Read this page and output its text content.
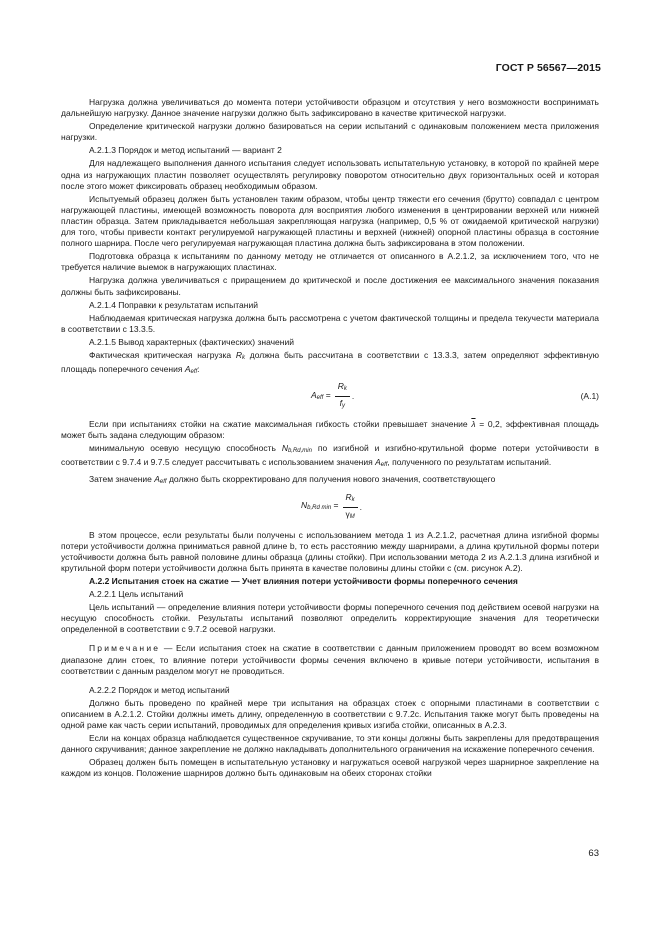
ГОСТ Р 56567—2015

Нагрузка должна увеличиваться до момента потери устойчивости образцом и отсутствия у него возможности воспринимать дальнейшую нагрузку. Данное значение нагрузки должно быть зафиксировано в качестве критической нагрузки.

Определение критической нагрузки должно базироваться на серии испытаний с одинаковым положением места приложения нагрузки.

А.2.1.3 Порядок и метод испытаний — вариант 2

Для надлежащего выполнения данного испытания следует использовать испытательную установку, в которой по крайней мере одна из нагружающих пластин позволяет осуществлять регулировку поворотом относительно двух горизонтальных осей и которая после этого может фиксировать образец необходимым образом.

Испытуемый образец должен быть установлен таким образом, чтобы центр тяжести его сечения (брутто) совпадал с центром нагружающей пластины, имеющей возможность поворота для восприятия любого изменения в центрировании верхней или нижней пластин образца. Затем прикладывается небольшая закрепляющая нагрузка (например, 0,5 % от ожидаемой критической нагрузки) для того, чтобы привести контакт регулируемой нагружающей пластины и верхней (нижней) опорной пластины образца в состояние полного шарнира. После чего регулируемая нагружающая пластина должна быть зафиксирована в этом положении.

Подготовка образца к испытаниям по данному методу не отличается от описанного в А.2.1.2, за исключением того, что не требуется наличие выемок в нагружающих пластинах.

Нагрузка должна увеличиваться с приращением до критической и после достижения ее максимального значения показания должны быть зафиксированы.

А.2.1.4 Поправки к результатам испытаний

Наблюдаемая критическая нагрузка должна быть рассмотрена с учетом фактической толщины и предела текучести материала в соответствии с 13.3.5.

А.2.1.5 Вывод характерных (фактических) значений

Фактическая критическая нагрузка Rk должна быть рассчитана в соответствии с 13.3.3, затем определяют эффективную площадь поперечного сечения Aeff:

Aeff = $\frac{Rk}{fy}$ .	(A.1)

Если при испытаниях стойки на сжатие максимальная гибкость стойки превышает значение $\overline{\lambda} = 0,2$, эффективная площадь может быть задана следующим образом:

минимальную осевую несущую способность Nb,Rd,min по изгибной и изгибно-крутильной форме потери устойчивости в соответствии с 9.7.4 и 9.7.5 следует рассчитывать с использованием значения Aeff, полученного по результатам испытаний.

Затем значение Aeff должно быть скорректировано для получения нового значения, соответствующего

Nb,Rd $\min = \frac{Rk}{\gamma M}$ .

В этом процессе, если результаты были получены с использованием метода 1 из А.2.1.2, расчетная длина изгибной формы потери устойчивости должна приниматься равной длине b, то есть расстоянию между шарнирами, а длина крутильной формы потери устойчивости должна быть равной половине длины образца (длины стойки). При использовании метода 2 из А.2.1.3 длина изгибной и крутильной форм потери устойчивости должна быть принята в качестве половины длины стойки c (см. рисунок А.2).

А.2.2 Испытания стоек на сжатие — Учет влияния потери устойчивости формы поперечного сечения

А.2.2.1 Цель испытаний

Цель испытаний — определение влияния потери устойчивости формы поперечного сечения под действием осевой нагрузки на несущую способность стойки. Результаты испытаний позволяют определить корректирующие значения для теоретически определенной в соответствии с 9.7.2 осевой нагрузки.

Примечание — Если испытания стоек на сжатие в соответствии с данным приложением проводят во всем возможном диапазоне длин стоек, то влияние потери устойчивости формы сечения включено в кривые потери устойчивости, испытания в соответствии с данным разделом могут не проводиться.

А.2.2.2 Порядок и метод испытаний

Должно быть проведено по крайней мере три испытания на образцах стоек с опорными пластинами в соответствии с описанием в А.2.1.2. Стойки должны иметь длину, определенную в соответствии с 9.7.2с. Испытания также могут быть проведены на одной раме как часть серии испытаний, проводимых для определения кривых изгиба стойки, описанных в А.2.3.

Если на концах образца наблюдается существенное скручивание, то эти концы должны быть закреплены для предотвращения данного скручивания; данное закрепление не должно накладывать дополнительного ограничения на искажение поперечного сечения.

Образец должен быть помещен в испытательную установку и нагружаться осевой нагрузкой через шарнирное закрепление на каждом из концов. Положение шарниров должно быть одинаковым на обеих сторонах стойки

63
